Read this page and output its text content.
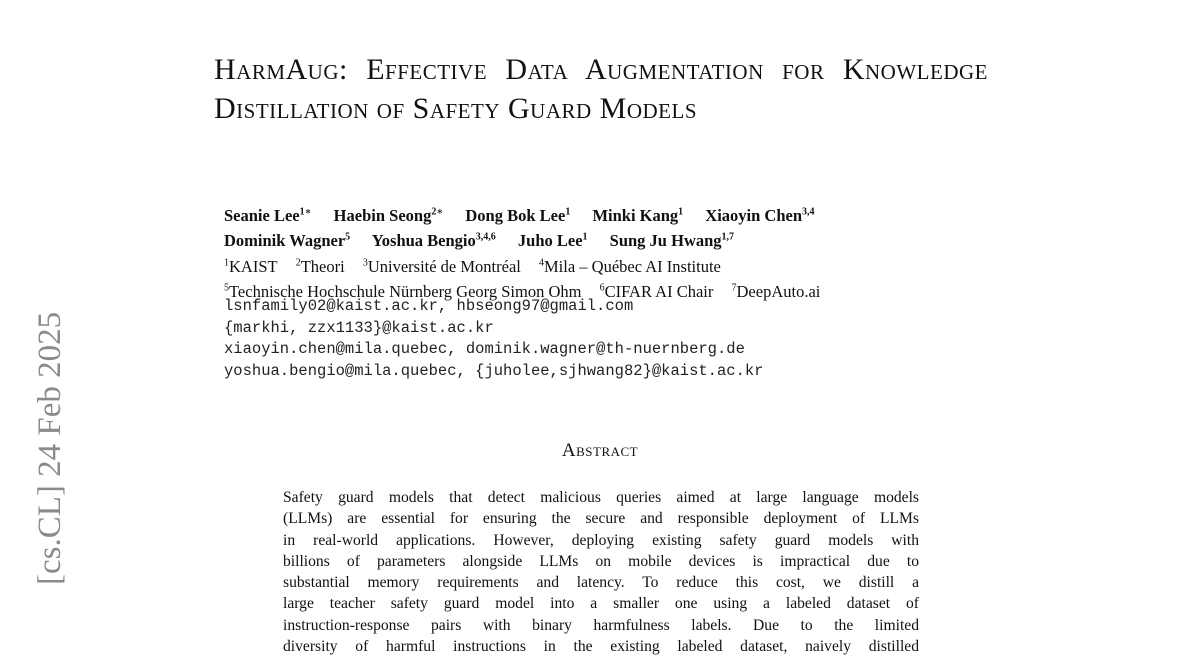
[cs.CL] 24 Feb 2025
HarmAug: Effective Data Augmentation for Knowledge Distillation of Safety Guard Models
Seanie Lee$^{1∗}$ Haebin Seong$^{2∗}$ Dong Bok Lee$^1$ Minki Kang$^1$ Xiaoyin Chen$^{3,4}$
Dominik Wagner$^5$ Yoshua Bengio$^{3,4,6}$ Juho Lee$^1$ Sung Ju Hwang$^{1,7}$
$^1$KAIST $^2$Theori $^3$Université de Montréal $^4$Mila – Québec AI Institute
$^5$Technische Hochschule Nürnberg Georg Simon Ohm $^6$CIFAR AI Chair $^7$DeepAuto.ai
lsnfamily02@kaist.ac.kr, hbseong97@gmail.com
{markhi, zzx1133}@kaist.ac.kr
xiaoyin.chen@mila.quebec, dominik.wagner@th-nuernberg.de
yoshua.bengio@mila.quebec, {juholee,sjhwang82}@kaist.ac.kr
Abstract
Safety guard models that detect malicious queries aimed at large language models
(LLMs) are essential for ensuring the secure and responsible deployment of LLMs
in real-world applications. However, deploying existing safety guard models with
billions of parameters alongside LLMs on mobile devices is impractical due to
substantial memory requirements and latency. To reduce this cost, we distill a
large teacher safety guard model into a smaller one using a labeled dataset of
instruction-response pairs with binary harmfulness labels. Due to the limited
diversity of harmful instructions in the existing labeled dataset, naively distilled
